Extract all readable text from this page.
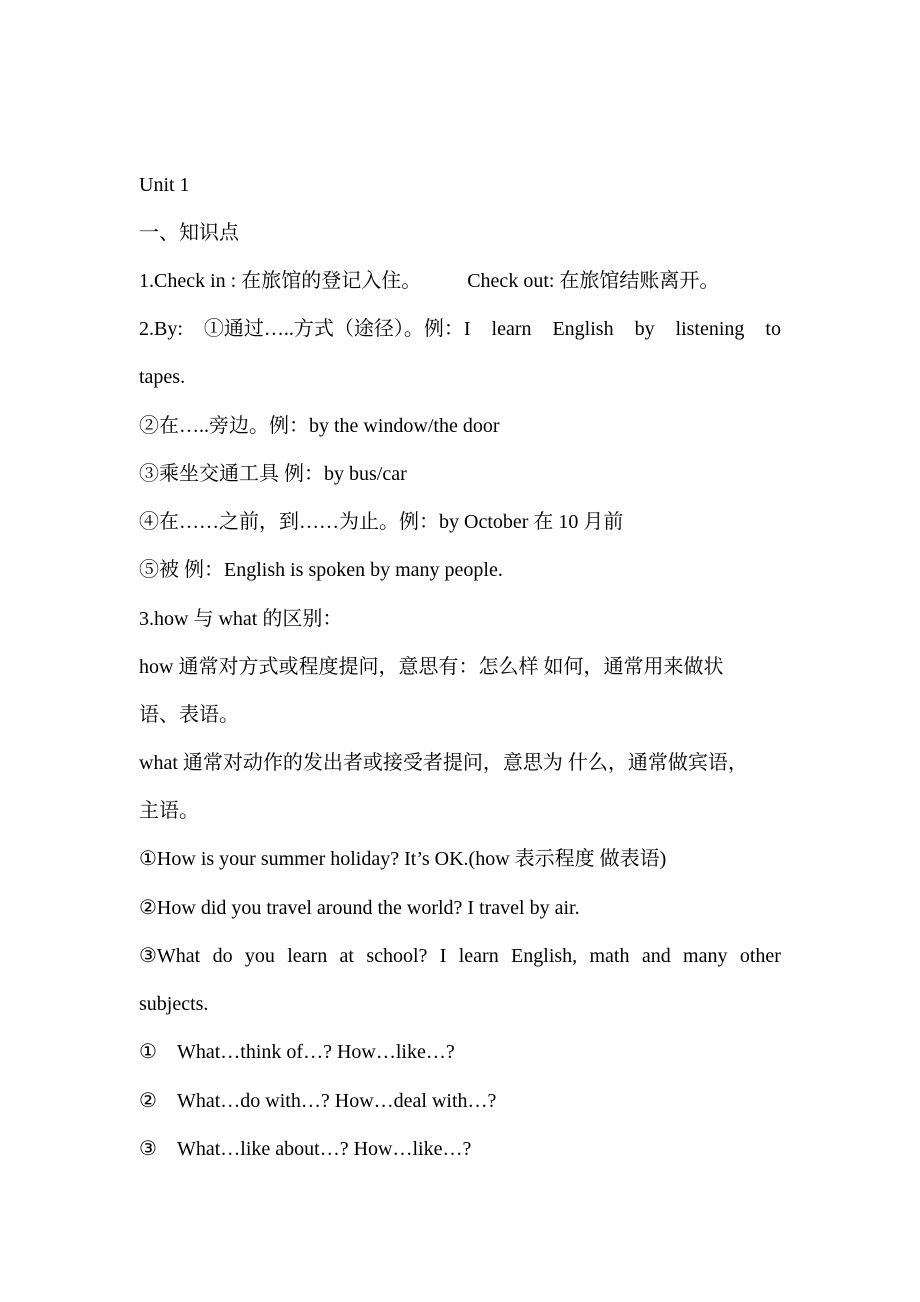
Unit 1
一、知识点
1.Check in : 在旅馆的登记入住。 Check out: 在旅馆结账离开。
2.By: ①通过…..方式（途径）。例：I learn English by listening to
tapes.
②在…..旁边。例：by the window/the door
③乘坐交通工具 例：by bus/car
④在……之前，到……为止。例：by October 在 10 月前
⑤被 例：English is spoken by many people.
3.how 与 what 的区别：
how 通常对方式或程度提问，意思有：怎么样 如何，通常用来做状
语、表语。
what 通常对动作的发出者或接受者提问，意思为 什么，通常做宾语，
主语。
①How is your summer holiday? It’s OK.(how 表示程度 做表语)
②How did you travel around the world? I travel by air.
③What do you learn at school? I learn English, math and many other
subjects.
① What…think of…? How…like…?
② What…do with…? How…deal with…?
③ What…like about…? How…like…?
